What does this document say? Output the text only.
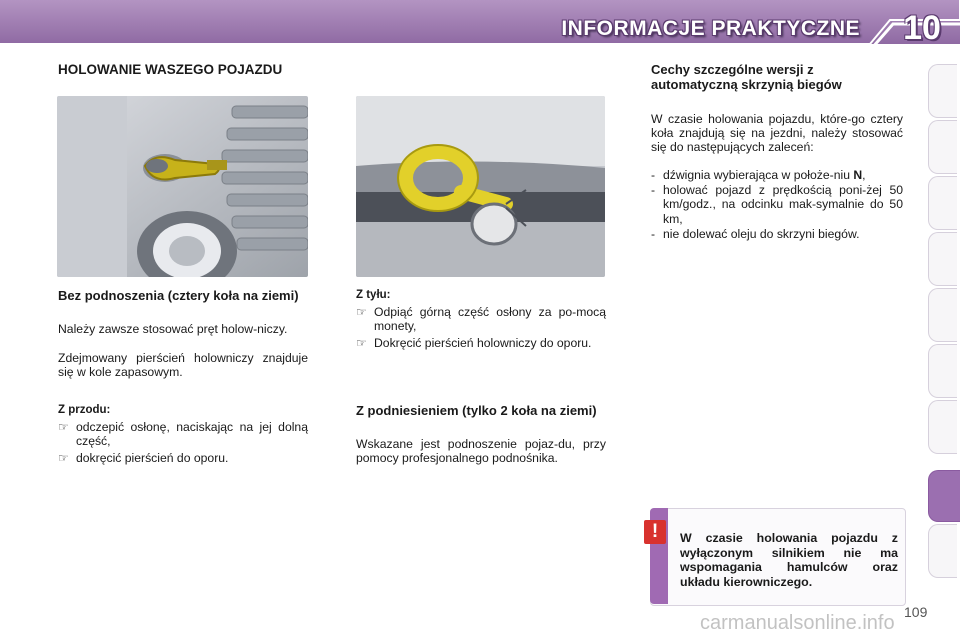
INFORMACJE PRAKTYCZNE 10
HOLOWANIE WASZEGO POJAZDU
Bez podnoszenia (cztery koła na ziemi)
Należy zawsze stosować pręt holow-niczy.
Zdejmowany pierścień holowniczy znajduje się w kole zapasowym.
Z przodu:
☞ odczepić osłonę, naciskając na jej dolną część,
☞ dokręcić pierścień do oporu.
Z tyłu:
☞ Odpiąć górną część osłony za po-mocą monety,
☞ Dokręcić pierścień holowniczy do oporu.
Z podniesieniem (tylko 2 koła na ziemi)
Wskazane jest podnoszenie pojaz-du, przy pomocy profesjonalnego podnośnika.
Cechy szczególne wersji z automatyczną skrzynią biegów
W czasie holowania pojazdu, które-go cztery koła znajdują się na jezdni, należy stosować się do następujących zaleceń:
- dźwignia wybierająca w położe-niu N,
- holować pojazd z prędkością poni-żej 50 km/godz., na odcinku mak-symalnie do 50 km,
- nie dolewać oleju do skrzyni biegów.
!	W czasie holowania pojazdu z wyłączonym silnikiem nie ma wspomagania hamulców oraz układu kierowniczego.
109
carmanualsonline.info
